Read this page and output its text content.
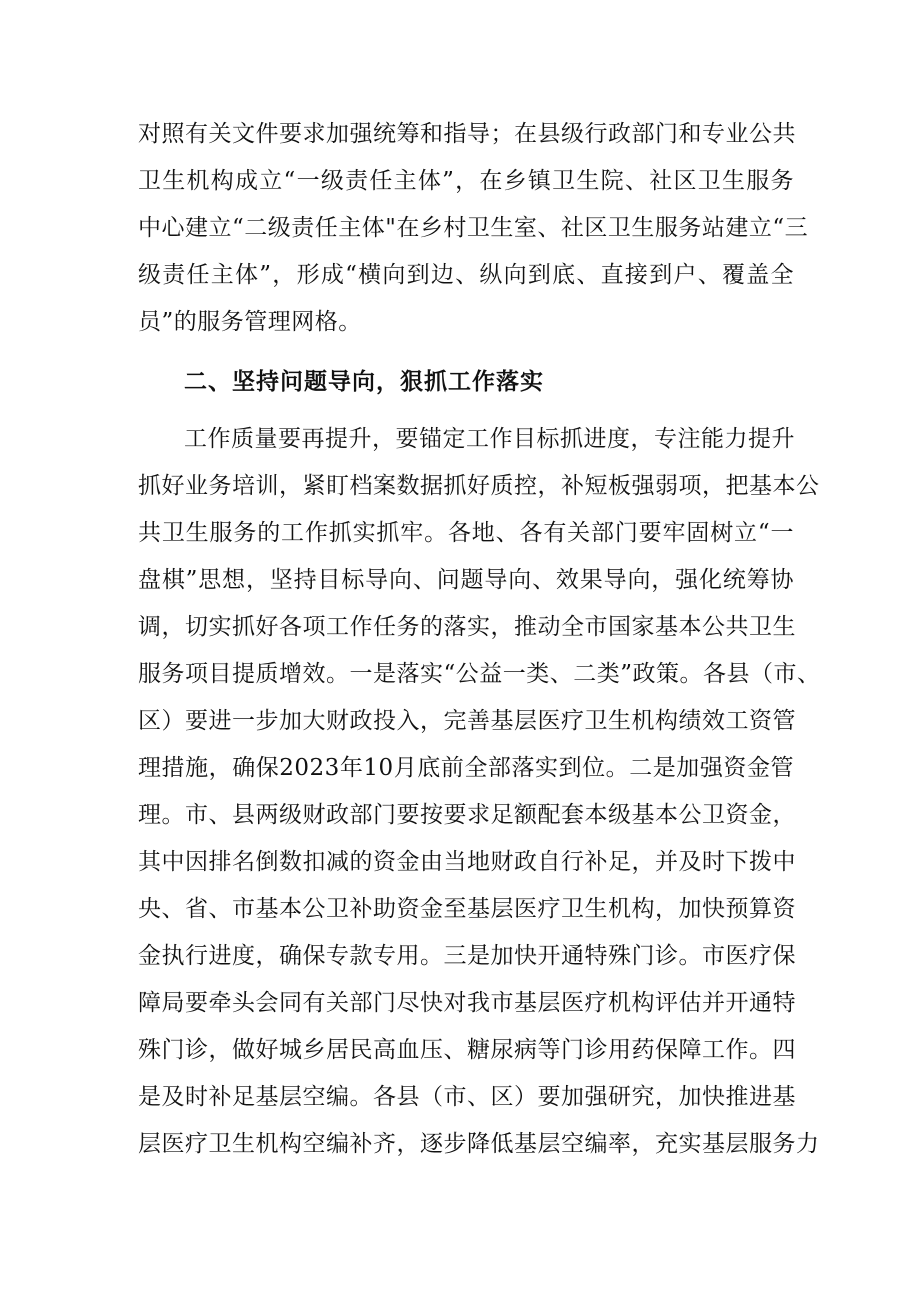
对照有关文件要求加强统筹和指导；在县级行政部门和专业公共
卫生机构成立“一级责任主体”，在乡镇卫生院、社区卫生服务
中心建立“二级责任主体"在乡村卫生室、社区卫生服务站建立“三
级责任主体”，形成“横向到边、纵向到底、直接到户、覆盖全
员”的服务管理网格。
二、坚持问题导向，狠抓工作落实
工作质量要再提升，要锚定工作目标抓进度，专注能力提升
抓好业务培训，紧盯档案数据抓好质控，补短板强弱项，把基本公
共卫生服务的工作抓实抓牢。各地、各有关部门要牢固树立“一
盘棋”思想，坚持目标导向、问题导向、效果导向，强化统筹协
调，切实抓好各项工作任务的落实，推动全市国家基本公共卫生
服务项目提质增效。一是落实“公益一类、二类”政策。各县（市、
区）要进一步加大财政投入，完善基层医疗卫生机构绩效工资管
理措施，确保2023年10月底前全部落实到位。二是加强资金管
理。市、县两级财政部门要按要求足额配套本级基本公卫资金，
其中因排名倒数扣减的资金由当地财政自行补足，并及时下拨中
央、省、市基本公卫补助资金至基层医疗卫生机构，加快预算资
金执行进度，确保专款专用。三是加快开通特殊门诊。市医疗保
障局要牵头会同有关部门尽快对我市基层医疗机构评估并开通特
殊门诊，做好城乡居民高血压、糖尿病等门诊用药保障工作。四
是及时补足基层空编。各县（市、区）要加强研究，加快推进基
层医疗卫生机构空编补齐，逐步降低基层空编率，充实基层服务力
